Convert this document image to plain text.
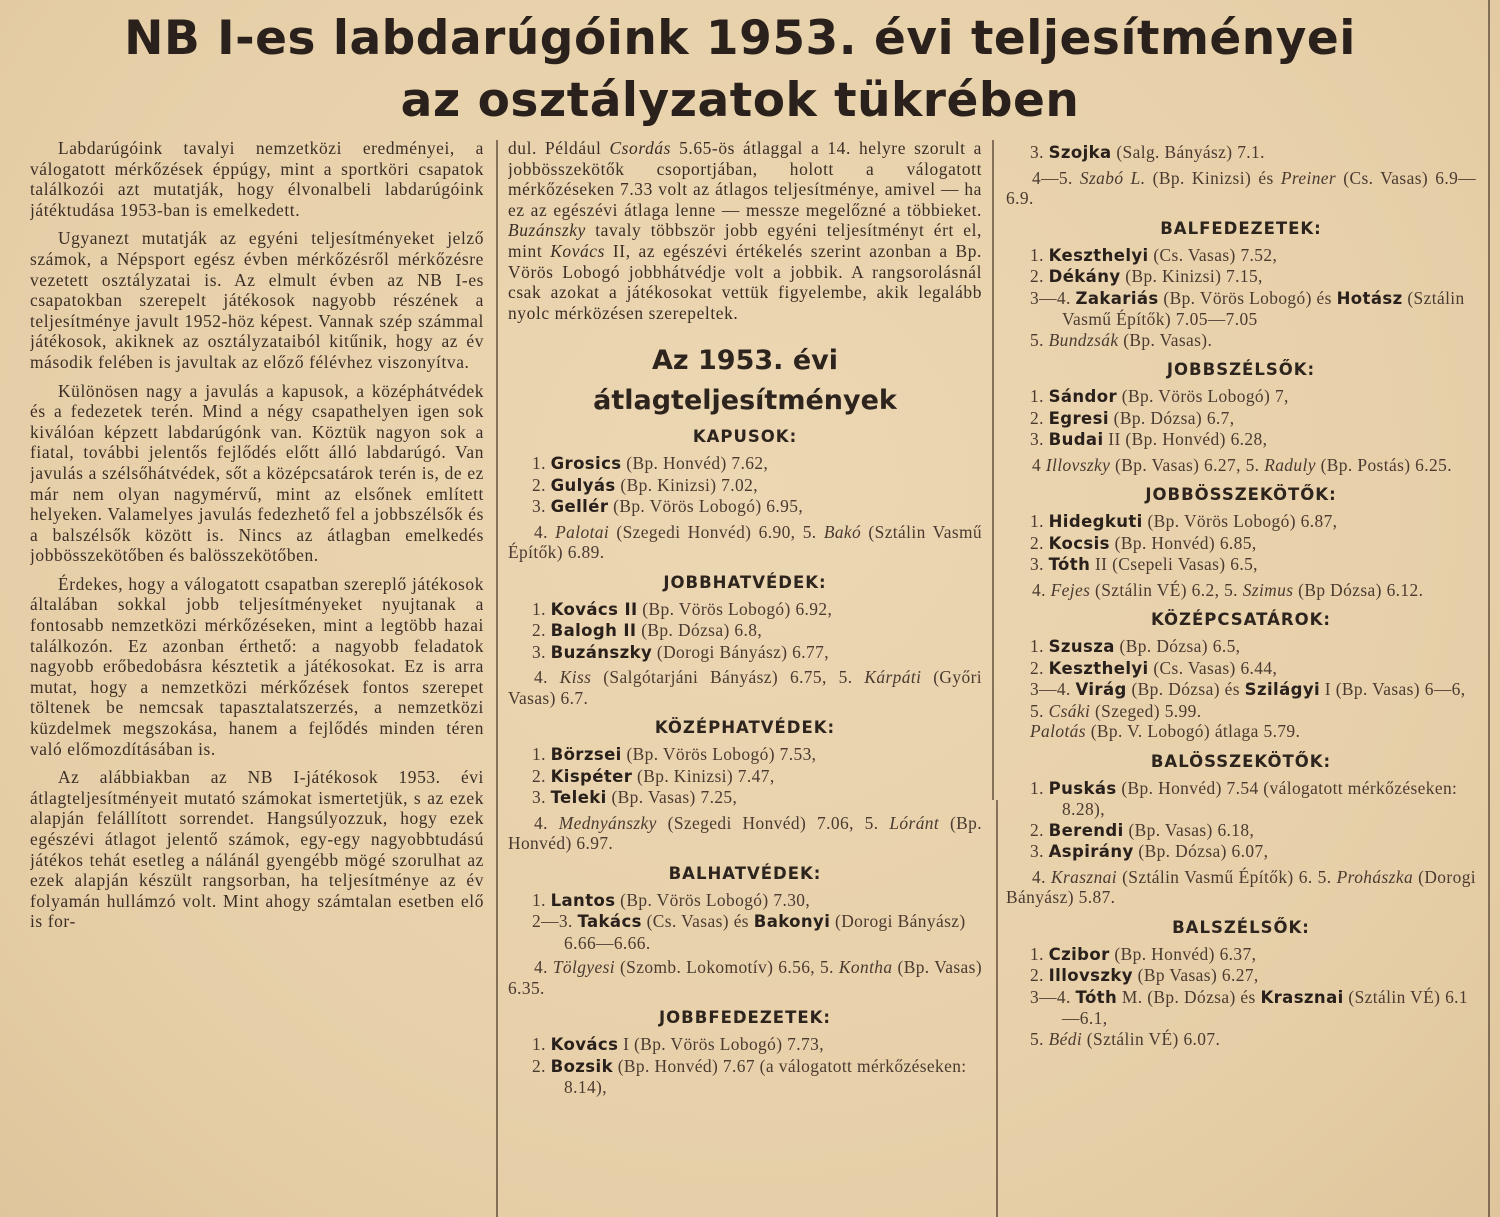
NB I-es labdarúgóink 1953. évi teljesítményei
az osztályzatok tükrében

Labdarúgóink tavalyi nemzetközi eredményei, a válogatott mérkőzések éppúgy, mint a sportköri csapatok találkozói azt mutatják, hogy élvonalbeli labdarúgóink játéktudása 1953-ban is emelkedett.

Ugyanezt mutatják az egyéni teljesítményeket jelző számok, a Népsport egész évben mérkőzésről mérkőzésre vezetett osztályzatai is. Az elmult évben az NB I-es csapatokban szerepelt játékosok nagyobb részének a teljesítménye javult 1952-höz képest. Vannak szép számmal játékosok, akiknek az osztályzataiból kitűnik, hogy az év második felében is javultak az előző félévhez viszonyítva.

Különösen nagy a javulás a kapusok, a középhátvédek és a fedezetek terén. Mind a négy csapathelyen igen sok kiválóan képzett labdarúgónk van. Köztük nagyon sok a fiatal, további jelentős fejlődés előtt álló labdarúgó. Van javulás a szélsőhátvédek, sőt a középcsatárok terén is, de ez már nem olyan nagymérvű, mint az elsőnek említett helyeken. Valamelyes javulás fedezhető fel a jobbszélsők és a balszélsők között is. Nincs az átlagban emelkedés jobbösszekötőben és balösszekötőben.

Érdekes, hogy a válogatott csapatban szereplő játékosok általában sokkal jobb teljesítményeket nyujtanak a fontosabb nemzetközi mérkőzéseken, mint a legtöbb hazai találkozón. Ez azonban érthető: a nagyobb feladatok nagyobb erőbedobásra késztetik a játékosokat. Ez is arra mutat, hogy a nemzetközi mérkőzések fontos szerepet töltenek be nemcsak tapasztalatszerzés, a nemzetközi küzdelmek megszokása, hanem a fejlődés minden téren való előmozdításában is.

Az alábbiakban az NB I-játékosok 1953. évi átlagteljesítményeit mutató számokat ismertetjük, s az ezek alapján felállított sorrendet. Hangsúlyozzuk, hogy ezek egészévi átlagot jelentő számok, egy-egy nagyobbtudású játékos tehát esetleg a nálánál gyengébb mögé szorulhat az ezek alapján készült rangsorban, ha teljesítménye az év folyamán hullámzó volt. Mint ahogy számtalan esetben elő is for-

dul. Például Csordás 5.65-ös átlaggal a 14. helyre szorult a jobbösszekötők csoportjában, holott a válogatott mérkőzéseken 7.33 volt az átlagos teljesítménye, amivel — ha ez az egészévi átlaga lenne — messze megelőzné a többieket. Buzánszky tavaly többször jobb egyéni teljesítményt ért el, mint Kovács II, az egészévi értékelés szerint azonban a Bp. Vörös Lobogó jobbhátvédje volt a jobbik. A rangsorolásnál csak azokat a játékosokat vettük figyelembe, akik legalább nyolc mérközésen szerepeltek.

Az 1953. évi
átlagteljesítmények
KAPUSOK:
1. Grosics (Bp. Honvéd) 7.62,
2. Gulyás (Bp. Kinizsi) 7.02,
3. Gellér (Bp. Vörös Lobogó) 6.95,
4. Palotai (Szegedi Honvéd) 6.90, 5. Bakó (Sztálin Vasmű Építők) 6.89.
JOBBHATVÉDEK:
1. Kovács II (Bp. Vörös Lobogó) 6.92,
2. Balogh II (Bp. Dózsa) 6.8,
3. Buzánszky (Dorogi Bányász) 6.77,
4. Kiss (Salgótarjáni Bányász) 6.75, 5. Kárpáti (Győri Vasas) 6.7.
KÖZÉPHATVÉDEK:
1. Börzsei (Bp. Vörös Lobogó) 7.53,
2. Kispéter (Bp. Kinizsi) 7.47,
3. Teleki (Bp. Vasas) 7.25,
4. Mednyánszky (Szegedi Honvéd) 7.06, 5. Lóránt (Bp. Honvéd) 6.97.
BALHATVÉDEK:
1. Lantos (Bp. Vörös Lobogó) 7.30,
2—3. Takács (Cs. Vasas) és Bakonyi (Dorogi Bányász) 6.66—6.66.
4. Tölgyesi (Szomb. Lokomotív) 6.56, 5. Kontha (Bp. Vasas) 6.35.
JOBBFEDEZETEK:
1. Kovács I (Bp. Vörös Lobogó) 7.73,
2. Bozsik (Bp. Honvéd) 7.67 (a válogatott mérkőzéseken: 8.14),
3. Szojka (Salg. Bányász) 7.1.
4—5. Szabó L. (Bp. Kinizsi) és Preiner (Cs. Vasas) 6.9—6.9.
BALFEDEZETEK:
1. Keszthelyi (Cs. Vasas) 7.52,
2. Dékány (Bp. Kinizsi) 7.15,
3—4. Zakariás (Bp. Vörös Lobogó) és Hotász (Sztálin Vasmű Építők) 7.05—7.05
5. Bundzsák (Bp. Vasas).
JOBBSZÉLSŐK:
1. Sándor (Bp. Vörös Lobogó) 7,
2. Egresi (Bp. Dózsa) 6.7,
3. Budai II (Bp. Honvéd) 6.28,
4 Illovszky (Bp. Vasas) 6.27, 5. Raduly (Bp. Postás) 6.25.
JOBBÖSSZEKÖTŐK:
1. Hidegkuti (Bp. Vörös Lobogó) 6.87,
2. Kocsis (Bp. Honvéd) 6.85,
3. Tóth II (Csepeli Vasas) 6.5,
4. Fejes (Sztálin VÉ) 6.2, 5. Szimus (Bp Dózsa) 6.12.
KÖZÉPCSATÁROK:
1. Szusza (Bp. Dózsa) 6.5,
2. Keszthelyi (Cs. Vasas) 6.44,
3—4. Virág (Bp. Dózsa) és Szilágyi I (Bp. Vasas) 6—6,
5. Csáki (Szeged) 5.99.
Palotás (Bp. V. Lobogó) átlaga 5.79.
BALÖSSZEKÖTŐK:
1. Puskás (Bp. Honvéd) 7.54 (válogatott mérkőzéseken: 8.28),
2. Berendi (Bp. Vasas) 6.18,
3. Aspirány (Bp. Dózsa) 6.07,
4. Krasznai (Sztálin Vasmű Építők) 6. 5. Prohászka (Dorogi Bányász) 5.87.
BALSZÉLSŐK:
1. Czibor (Bp. Honvéd) 6.37,
2. Illovszky (Bp Vasas) 6.27,
3—4. Tóth M. (Bp. Dózsa) és Krasznai (Sztálin VÉ) 6.1—6.1,
5. Bédi (Sztálin VÉ) 6.07.
